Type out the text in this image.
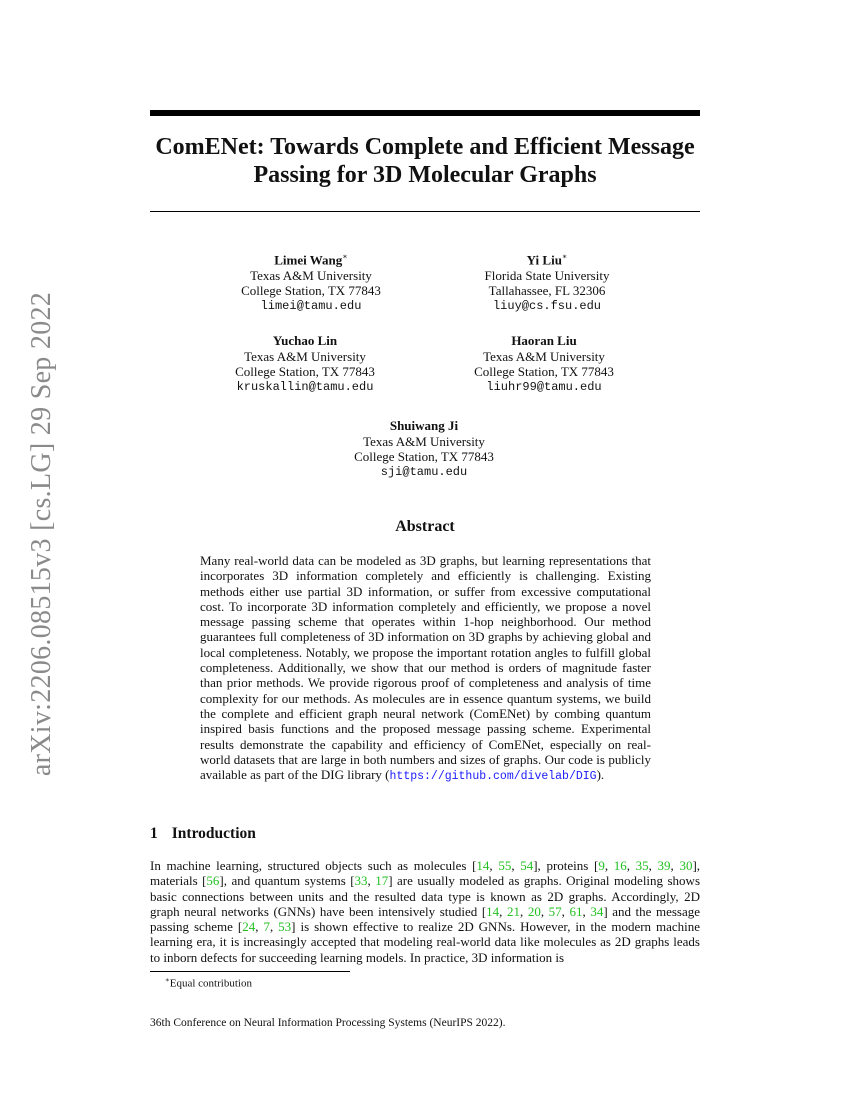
arXiv:2206.08515v3 [cs.LG] 29 Sep 2022
ComENet: Towards Complete and Efficient Message Passing for 3D Molecular Graphs
Limei Wang∗
Texas A&M University
College Station, TX 77843
limei@tamu.edu
Yi Liu∗
Florida State University
Tallahassee, FL 32306
liuy@cs.fsu.edu
Yuchao Lin
Texas A&M University
College Station, TX 77843
kruskallin@tamu.edu
Haoran Liu
Texas A&M University
College Station, TX 77843
liuhr99@tamu.edu
Shuiwang Ji
Texas A&M University
College Station, TX 77843
sji@tamu.edu
Abstract
Many real-world data can be modeled as 3D graphs, but learning representations that incorporates 3D information completely and efficiently is challenging. Existing methods either use partial 3D information, or suffer from excessive computational cost. To incorporate 3D information completely and efficiently, we propose a novel message passing scheme that operates within 1-hop neighborhood. Our method guarantees full completeness of 3D information on 3D graphs by achieving global and local completeness. Notably, we propose the important rotation angles to fulfill global completeness. Additionally, we show that our method is orders of magnitude faster than prior methods. We provide rigorous proof of completeness and analysis of time complexity for our methods. As molecules are in essence quantum systems, we build the complete and efficient graph neural network (ComENet) by combing quantum inspired basis functions and the proposed message passing scheme. Experimental results demonstrate the capability and efficiency of ComENet, especially on real-world datasets that are large in both numbers and sizes of graphs. Our code is publicly available as part of the DIG library (https://github.com/divelab/DIG).
1 Introduction
In machine learning, structured objects such as molecules [14, 55, 54], proteins [9, 16, 35, 39, 30], materials [56], and quantum systems [33, 17] are usually modeled as graphs. Original modeling shows basic connections between units and the resulted data type is known as 2D graphs. Accordingly, 2D graph neural networks (GNNs) have been intensively studied [14, 21, 20, 57, 61, 34] and the message passing scheme [24, 7, 53] is shown effective to realize 2D GNNs. However, in the modern machine learning era, it is increasingly accepted that modeling real-world data like molecules as 2D graphs leads to inborn defects for succeeding learning models. In practice, 3D information is
∗Equal contribution
36th Conference on Neural Information Processing Systems (NeurIPS 2022).
